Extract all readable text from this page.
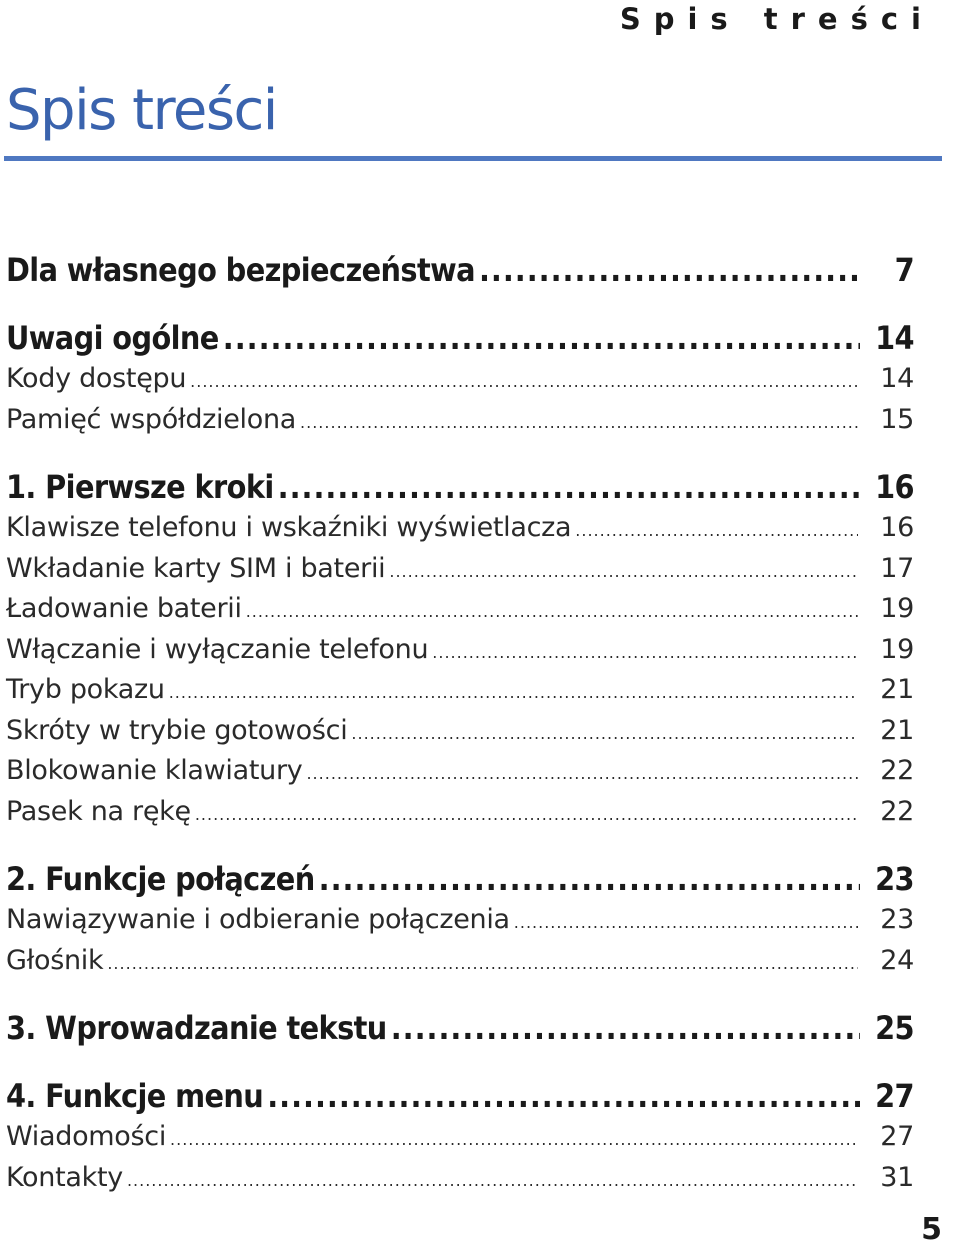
Spis treści
Spis treści
Dla własnego bezpieczeństwa .....	7
Uwagi ogólne .....	14
Kody dostępu .....	14
Pamięć współdzielona .....	15
1. Pierwsze kroki .....	16
Klawisze telefonu i wskaźniki wyświetlacza .....	16
Wkładanie karty SIM i baterii .....	17
Ładowanie baterii .....	19
Włączanie i wyłączanie telefonu .....	19
Tryb pokazu .....	21
Skróty w trybie gotowości .....	21
Blokowanie klawiatury .....	22
Pasek na rękę .....	22
2. Funkcje połączeń .....	23
Nawiązywanie i odbieranie połączenia .....	23
Głośnik .....	24
3. Wprowadzanie tekstu .....	25
4. Funkcje menu .....	27
Wiadomości .....	27
Kontakty .....	31
5
